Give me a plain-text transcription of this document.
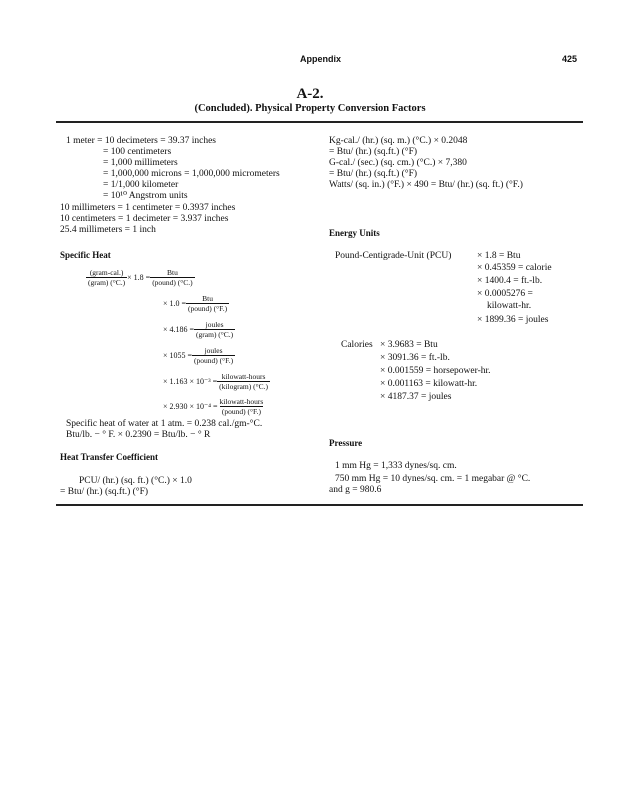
Appendix	425
A-2.
(Concluded). Physical Property Conversion Factors
1 meter = 10 decimeters = 39.37 inches
= 100 centimeters
= 1,000 millimeters
= 1,000,000 microns = 1,000,000 micrometers
= 1/1,000 kilometer
= 10¹⁰ Angstrom units
10 millimeters = 1 centimeter = 0.3937 inches
10 centimeters = 1 decimeter = 3.937 inches
25.4 millimeters = 1 inch
Specific Heat
$\frac{\text{(gram-cal.)}}{\text{(gram) (°C.)}} \times 1.8 = \frac{\text{Btu}}{\text{(pound) (°C.)}}$
× $1.0 = \frac{\text{Btu}}{\text{(pound) (°F.)}}$
× $4.186 = \frac{\text{joules}}{\text{(gram) (°C.)}}$
× $1055 = \frac{\text{joules}}{\text{(pound) (°F.)}}$
× $1.163 \times 10^{-3} = \frac{\text{kilowatt-hours}}{\text{(kilogram) (°C.)}}$
× $2.930 \times 10^{-4} = \frac{\text{kilowatt-hours}}{\text{(pound) (°F.)}}$
Specific heat of water at 1 atm. = 0.238 cal./gm-°C.
Btu/lb. − ° F. × 0.2390 = Btu/lb. − ° R
Heat Transfer Coefficient
PCU/ (hr.) (sq. ft.) (°C.) × 1.0
= Btu/ (hr.) (sq.ft.) (°F)
Kg-cal./ (hr.) (sq. m.) (°C.) × 0.2048
= Btu/ (hr.) (sq.ft.) (°F)
G-cal./ (sec.) (sq. cm.) (°C.) × 7,380
= Btu/ (hr.) (sq.ft.) (°F)
Watts/ (sq. in.) (°F.) × 490 = Btu/ (hr.) (sq. ft.) (°F.)
Energy Units
Pound-Centigrade-Unit (PCU)	× 1.8 = Btu
× 0.45359 = calorie
× 1400.4 = ft.-lb.
× 0.0005276 =
kilowatt-hr.
× 1899.36 = joules
Calories × 3.9683 = Btu
× 3091.36 = ft.-lb.
× 0.001559 = horsepower-hr.
× 0.001163 = kilowatt-hr.
× 4187.37 = joules
Pressure
1 mm Hg = 1,333 dynes/sq. cm.
750 mm Hg = 10 dynes/sq. cm. = 1 megabar @ °C.
and g = 980.6
